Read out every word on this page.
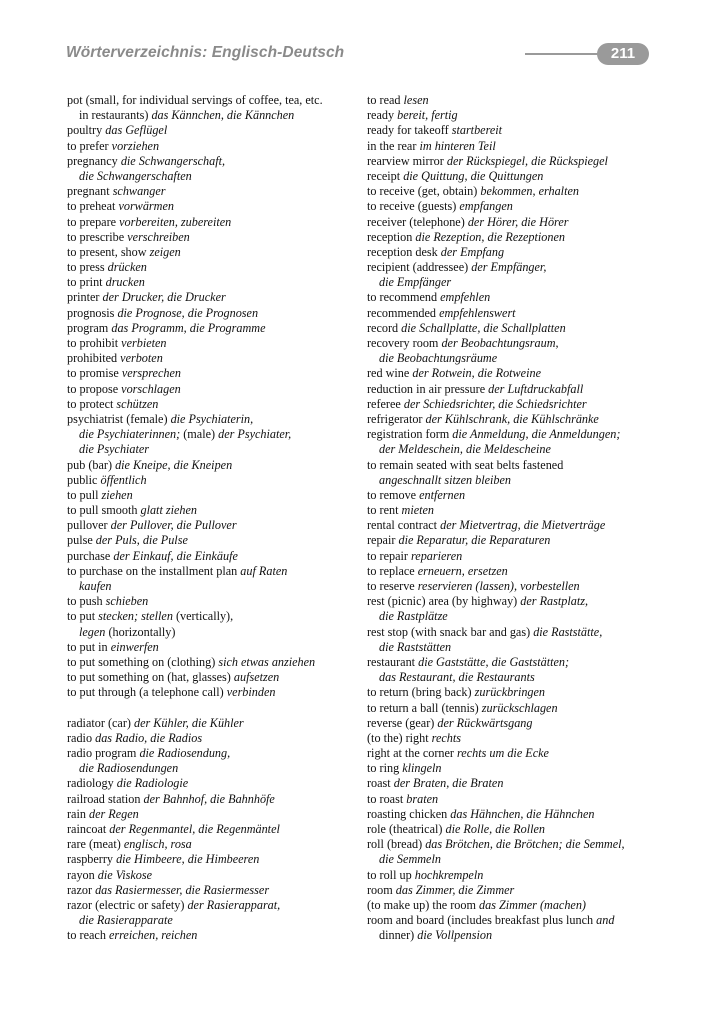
Wörterverzeichnis: Englisch-Deutsch	211
pot (small, for individual servings of coffee, tea, etc.
in restaurants) das Kännchen, die Kännchen
poultry das Geflügel
to prefer vorziehen
pregnancy die Schwangerschaft,
die Schwangerschaften
pregnant schwanger
to preheat vorwärmen
to prepare vorbereiten, zubereiten
to prescribe verschreiben
to present, show zeigen
to press drücken
to print drucken
printer der Drucker, die Drucker
prognosis die Prognose, die Prognosen
program das Programm, die Programme
to prohibit verbieten
prohibited verboten
to promise versprechen
to propose vorschlagen
to protect schützen
psychiatrist (female) die Psychiaterin,
die Psychiaterinnen; (male) der Psychiater,
die Psychiater
pub (bar) die Kneipe, die Kneipen
public öffentlich
to pull ziehen
to pull smooth glatt ziehen
pullover der Pullover, die Pullover
pulse der Puls, die Pulse
purchase der Einkauf, die Einkäufe
to purchase on the installment plan auf Raten
kaufen
to push schieben
to put stecken; stellen (vertically),
legen (horizontally)
to put in einwerfen
to put something on (clothing) sich etwas anziehen
to put something on (hat, glasses) aufsetzen
to put through (a telephone call) verbinden
radiator (car) der Kühler, die Kühler
radio das Radio, die Radios
radio program die Radiosendung,
die Radiosendungen
radiology die Radiologie
railroad station der Bahnhof, die Bahnhöfe
rain der Regen
raincoat der Regenmantel, die Regenmäntel
rare (meat) englisch, rosa
raspberry die Himbeere, die Himbeeren
rayon die Viskose
razor das Rasiermesser, die Rasiermesser
razor (electric or safety) der Rasierapparat,
die Rasierapparate
to reach erreichen, reichen
to read lesen
ready bereit, fertig
ready for takeoff startbereit
in the rear im hinteren Teil
rearview mirror der Rückspiegel, die Rückspiegel
receipt die Quittung, die Quittungen
to receive (get, obtain) bekommen, erhalten
to receive (guests) empfangen
receiver (telephone) der Hörer, die Hörer
reception die Rezeption, die Rezeptionen
reception desk der Empfang
recipient (addressee) der Empfänger,
die Empfänger
to recommend empfehlen
recommended empfehlenswert
record die Schallplatte, die Schallplatten
recovery room der Beobachtungsraum,
die Beobachtungsräume
red wine der Rotwein, die Rotweine
reduction in air pressure der Luftdruckabfall
referee der Schiedsrichter, die Schiedsrichter
refrigerator der Kühlschrank, die Kühlschränke
registration form die Anmeldung, die Anmeldungen;
der Meldeschein, die Meldescheine
to remain seated with seat belts fastened
angeschnallt sitzen bleiben
to remove entfernen
to rent mieten
rental contract der Mietvertrag, die Mietverträge
repair die Reparatur, die Reparaturen
to repair reparieren
to replace erneuern, ersetzen
to reserve reservieren (lassen), vorbestellen
rest (picnic) area (by highway) der Rastplatz,
die Rastplätze
rest stop (with snack bar and gas) die Raststätte,
die Raststätten
restaurant die Gaststätte, die Gaststätten;
das Restaurant, die Restaurants
to return (bring back) zurückbringen
to return a ball (tennis) zurückschlagen
reverse (gear) der Rückwärtsgang
(to the) right rechts
right at the corner rechts um die Ecke
to ring klingeln
roast der Braten, die Braten
to roast braten
roasting chicken das Hähnchen, die Hähnchen
role (theatrical) die Rolle, die Rollen
roll (bread) das Brötchen, die Brötchen; die Semmel,
die Semmeln
to roll up hochkrempeln
room das Zimmer, die Zimmer
(to make up) the room das Zimmer (machen)
room and board (includes breakfast plus lunch and
dinner) die Vollpension
